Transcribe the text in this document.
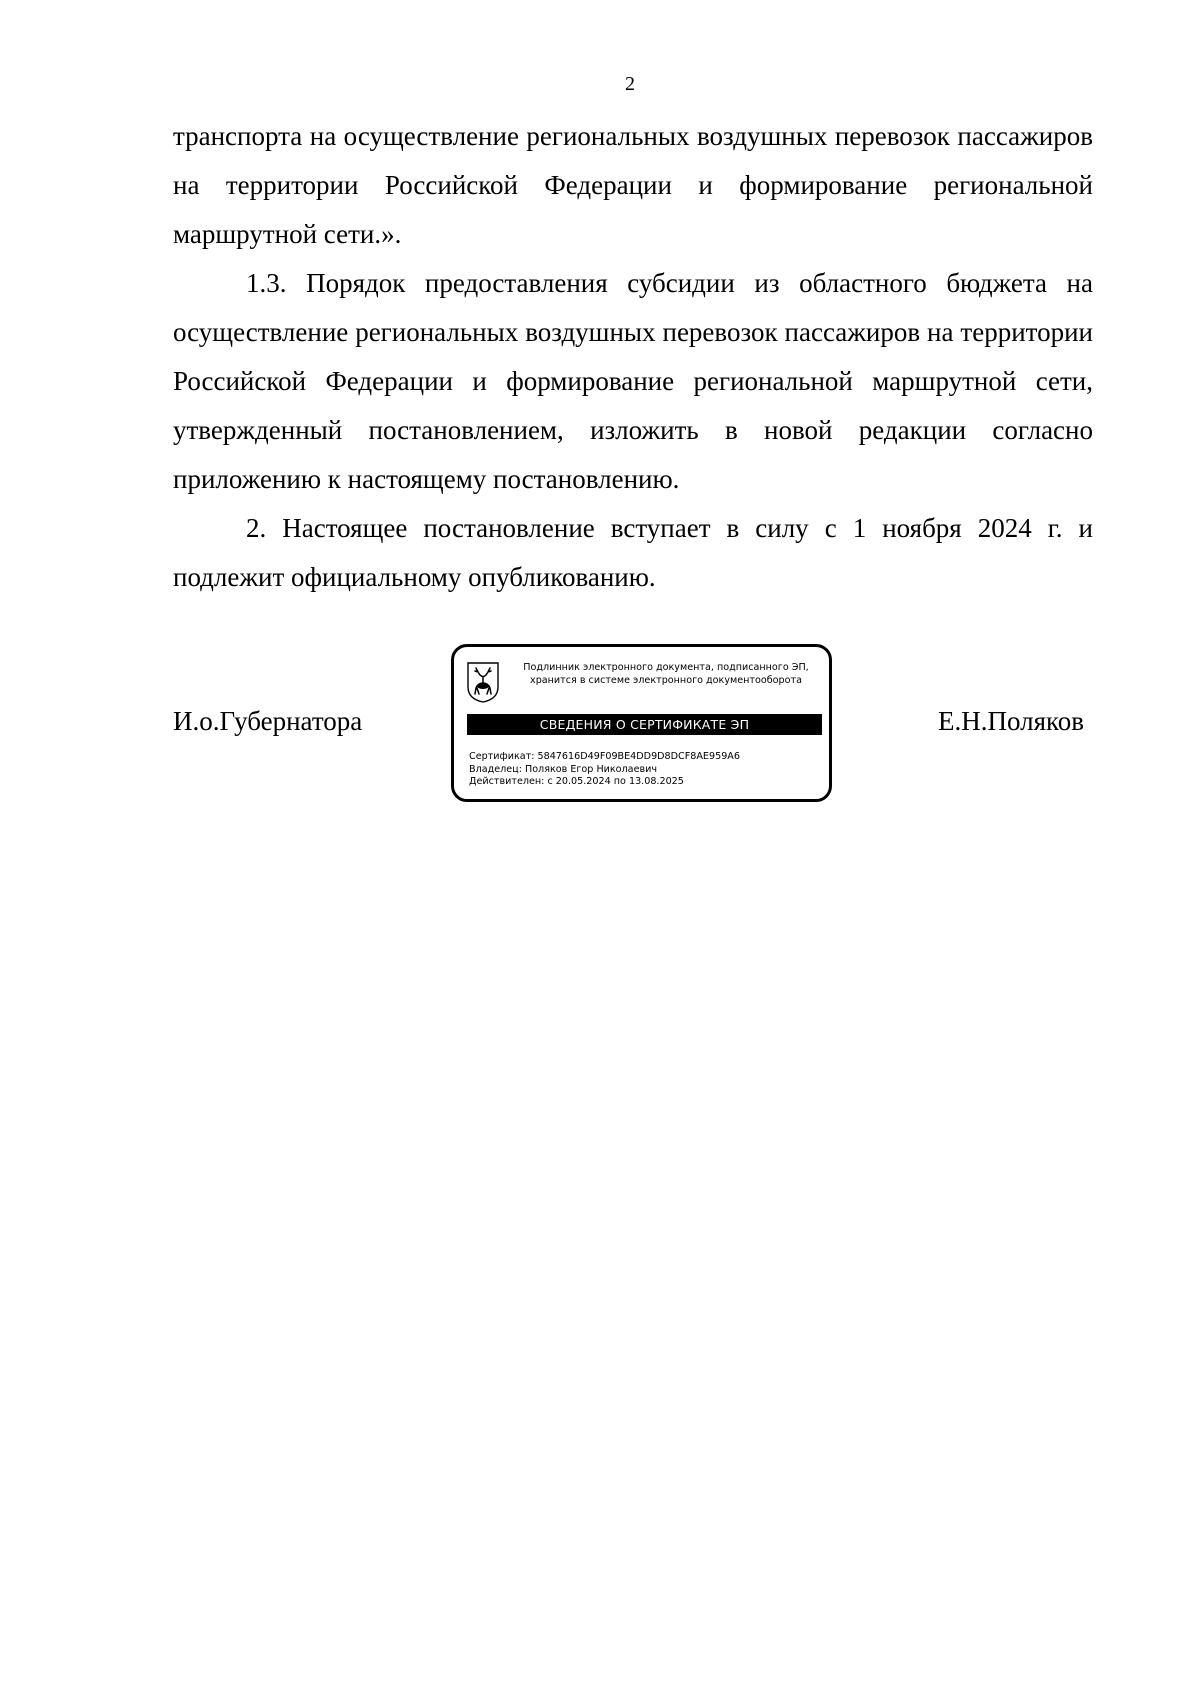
2

транспорта на осуществление региональных воздушных перевозок пассажиров на территории Российской Федерации и формирование региональной маршрутной сети.».

1.3. Порядок предоставления субсидии из областного бюджета на осуществление региональных воздушных перевозок пассажиров на территории Российской Федерации и формирование региональной маршрутной сети, утвержденный постановлением, изложить в новой редакции согласно приложению к настоящему постановлению.

2. Настоящее постановление вступает в силу с 1 ноября 2024 г. и подлежит официальному опубликованию.

И.о.Губернатора
Подлинник электронного документа, подписанного ЭП,
хранится в системе электронного документооборота
СВЕДЕНИЯ О СЕРТИФИКАТЕ ЭП
Сертификат: 5847616D49F09BE4DD9D8DCF8AE959A6
Владелец: Поляков Егор Николаевич
Действителен: с 20.05.2024 по 13.08.2025
Е.Н.Поляков
